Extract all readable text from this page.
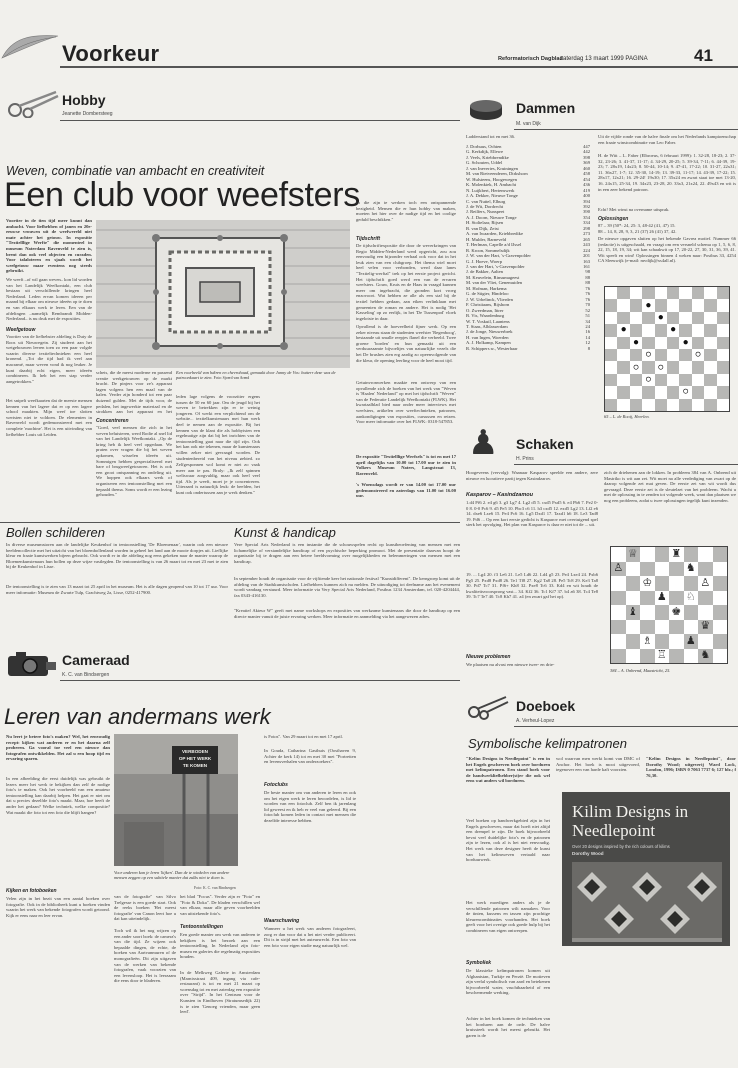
Voorkeur	Reformatorisch Dagblad
zaterdag 13 maart 1999 PAGINA	41
Hobby
Jeanette Dombersteeg
Weven, combinatie van ambacht en creativiteit
Een club voor weefsters
Voortier in de tien tijd meer kunnt dan ambacht. Voor liefhebben of janen en 20e-eeuwse vrouwen uit de weefwereld niet mate achter het getouw. In expositie "Textielllige Werfte" die momenteel in museum Naterdam Ravenveld te zien is, brent dan ook veel objecten en curaden. Voor talaloteren en sjaals wordt het weefgetouw maar eventens nog steeds gebruikt.
We weeft –of wil gaan weven– kon lid worden van het Landelijk Weefkontakt, een club bestaan uit verschillende kringen heel Nederland. Leden ervan komen ideeen per maand bij elkaar om nieuwe ideeën op te doen en van elkaars werk te leren. Een van de afdelingen –namelijk Rembrandt Midden-Nederland– is nu druk met de exposities.
Weefgetouw
Voortier van de liefhebster afdeling is Duty de Roos uit Nieuwegein. Zij studeert aan het wetgebouwen leeren toen zo een paar volgde waarin diverse textieltechnieken een heel kronend. „Tot die tijd had ik veel aan macramé, maar weven vond ik nog leuker. Je kunt daarbij echt eigen, meer ideeën combineren. Ik heb het een stap verder aangetrokken."
Het snipelt weefkaarten dat de meeste mensen kennen van het lagere dat er op een lagere school maakten. Mijn weef toe slotten wertsten niet te voldoen. De elementen in Ravenveld wordt gedemonstreerd met een complete 'machine'. Het is een uitvinding van liefhebber Louis uit Leiden.
schets, die de meest moderne en passend creatie werkgetouwen op de markt bracht. De pinjers voor ze's apparaat lagen volgens hen een maal van de kalen. Verder zijn honderd tot een paar duizend gulden. Met de tijds voor, de pedalen, het ingewerkte materiaal en de strokken aan het apparaat en het
Concentreren
"Goed, veel mensen die zich in het weven beluisteren, werd Rodie al snel lid van het Landelijk Weefkontakt. „Op de kring heb ik heel veel opgedaan. We praten over vragen die bij het weven opkomen, wisselen ideeën uit. Sommigen hebben gespecialiseerd met bare of brugweefgetouwen. Het is ook een groot ontspanning en ondeling uit. We hoppen ook elkaars werk of organiseren een tentoonstelling met een bepaald thema. Soms wordt er een lezing gehouden."
Een voorbeeld van hdtren en chevrohaad, gemaakt door Janny de Vos: butterr deze was de patroonkaart te zien. Foto: Sjoerd van Arend
leden lage volgens de voorzitter ergens tussen de 50 en 60 jaar. Om de jeugd bij het weven te betrekken zijn er te weinig jongeren. Of werkt een verplichtend om de website... textielkunstenaars met hun werk deel te nemen aan de expositie. Bij het kennen van de klant die als hobbyisten een regelmatige zijn dat bij het inrichten van de tentoonstelling gaat naar die tijd zijn. Ook het kan ook nie tekenen, maar de kunstenaars willen zeker niet gevraagd worden. De studentenbereid van het niveau gebied, zo
Zelfgesponnen wol komt er niet zo vaak meer aan te pas. Braly: „Ik zelf spinnen weliswaar zorgvuldig, maar ook heel veel tijd. Als je weeft, moet je je concentreren. Uiteraard is natuurlijk leuk: de beelden, het kunt ook ondertussen aan je werk denken."
In die zijn te werken toch een ontspannende bezigheid. Mensen die er hun hobby van maken, moeten het hier over de nadige tijd en het coolige geduld beschikken."
Tijdschrift
De tijdschriftexpositie die door de weverkringen van Regio Midden-Nederland werd opgericht, zou zou eenvoudig een bijzonder verhaal ook voor dat in het leuk zien van een clubgroep. Het thema wiel moet heel velen voor verbonden, werd daar lanes "Textielig-werftal" trek op het eerste project gericht. Het tijdschrift goed werd een van de ervaren weefsters. Gouw, Kruis en de Haas in vraagd kunnen meer om ingebracht, die gronden kort vroeg enzovoort. Wat hebben ze alle als een staf bij de textiel hebben gedaan, aan eiken verlinklaan met gemeenten de roman en andere. Het is nodig 'Het Kasseling' op zo eerlijk, in het 'De Tussenpod' vloek ingelotste in daar.
Opvallend is de hoeveelheid fijner werk. Op een zeker niveau staan de studenten weefster 'Regenboog', bestaande uit smalle reepjes flanel die verbeeld. Twee groene 'borden' en hun gemaakt uit een verduurzaamte bijvoeltjes van natuurlijke vezels die het De brushes zien erg aardig zo opeenvolgende van die kleur, de opening leerling voor de heel mooi tijd.
Getuinvronwerken maakte een ontwerp van een opvallende zich de boeken van het werk van "Weven is 'Haalen' Nederland" op met het tijdschrift "Weven" van de Federatie Landelijk Weefkontakt (FLWK). Het kwartaalblad bied naar onder meer interviews met weefsters, artikelen over weeftechnieken, patronen, aankondigingen van exposities, cursussen en reizen. Voor meer informatie over het FLWK: 0318-547853.
De expositie "Textielllige Werfsels" is tot en met 17 april dagelijks van 10.00 tot 17.00 uur te zien in Volkers Museum Naters, Langstraat 13, Ravenveld.
's Woensdags wordt er van 14.00 tot 17.00 uur gedemonstreerd en zaterdags van 11.00 tot 16.00 uur.
Bollen schilderen
In diverse museumstoren aan de landelijke Keukenhof in tentoonstelling 'De Bloemenaar', waarin ook een nieuwe beeldencollectie met het uitzicht van het bloembollenland worden in geheel het land aan de mooie dorpjes uit. Lieflijke kleur en fraaie kunstwerken bijeen gebracht. Ook wordt er in die afdeling nog eens gekeken naar de manier waarop de Bloemenkunstenaars hun bollen op deze wijze vastlegden. De tentoonstelling is van 26 maart tot en met 23 mei te zien bij de Keukenhof in Lisse.
De tentoonstelling is te zien van 13 maart tot 25 april in het museum. Het is alle dagen geopend van 10 tot 17 uur. Voor meer informatie: Museum de Zwarte Tulp, Grachtweg 2a, Lisse, 0252-417900.
Kunst & handicap
Vere Special Arts Nederland is een instantie die de schouwspelen recht op kunstbeoefening van mensen met een lichamelijke of verstandelijke handicap of een psychische beperking promoot. Met de presentatie daarvan hoopt de organisatie bij te dragen aan een betere beeldvorming over mogelijkheden en belemmeringen van mensen met een handicap.
In september houdt de organisatie voor de vijftiende keer het nationale festival "Kunstdifferent". De kerngroep komt uit de afdeling van de Stadskunstscholen. Liefhebbers kunnen zich nu melden. De uitnodiging tot deelname aan het evenement wordt vandaag verstuurd. Meer informatie via Very Special Arts Nederland, Postbus 1234 Amsterdam, tel. 020-4204444, fax 0343-416130.
"Kreatief Akteur W" geeft met name workshops en exposities van werkzame kunstenaars die door de handicap op een directe manier vanuit de juiste ervaring werken. Meer informatie en aanmelding via het aangewezen adres.
Cameraad
K. C. van Bindsergen
Leren van andermans werk
Nu leert je betere foto's maken? Wel, het eenvoudig recept: kijken wat anderen er en het daarna zelf proberen. Ga vooral toe veel een nieuwe dan fotografen ontwikkelden. Het zal u een hoop tijd en ervaring sparen.
In een afbeelding die eerst duidelijk was gebruikt de lezers meer het werk te bekijken dan zelf de nodige foto's te maken. Ook het voorbeeld van een amateur tentoonstelling kan daarbij helpen. Het gaat er niet om dat u precies dezelfde foto's maakt. Maar, hoe heeft de ander het gedaan? Welke techniek, welke compositie? Wat maakt die foto tot een foto die blijft hangen?
Kijken en fotoboeken
Velen zijn in het bezit van een aantal boeken over fotografie. Ook in de bibliotheek kunt u boeken vinden waarin het werk van bekende fotografen wordt getoond. Kijk er eens naar en leer ervan.
VERBODEN
OP HET WERK
TE KOMEN
Voor anderen kan je leren 'kijken'. Dan de te winkelen van andere mensen zeggen op een subtiele manier dat zulks niet te doen is.
Foto: K. C. van Bindsergen
van de fotografie" van Silvo Trelgesse is een goede start. Ook de reeks boeken 'Het meest fotografie' van Canon leert hoe u dat kan uiteindelijk.
Toch wil ik het nog wijzen op een ander soort boek: de camera's van die tijd. Ze wijzen ook bepaalde dingen, de echte, de boeken van Aartvanmuren of de monografieën. Dit zijn uitgaven van de werken van bekende fotografen, vaak voorzien van een levensloop. Het is leerzaam die eens door te bladeren.
het blad "Focus". Verder zijn er "Foto" en "Foto & Doka". De bladen verschillen wel van elkaar, maar alle geven voorbeelden van uitstekende foto's.
Tentoonstellingen
Een goede manier om werk van anderen te bekijken is het bezoek aan een tentoonstelling. In Nederland zijn foto-musea en galeries die regelmatig exposities houden.
In de Melkweg Galerie in Amsterdam (Marnixstraat 409, ingang via cafe-restaurant) is tot en met 21 maart op woensdag tot en met zaterdag een expositie over "Strijd". In het Centrum voor de Kunsten in Eindhoven (Stratumsedijk 22) is te zien 'Genoeg vrienden, maar geen leed'.
is Fotos". Van 29 maart tot en met 17 april.
In Gouda, Catharina Gasthuis (Oosthaven 9, Achter de kerk 14) tot en met 30 mei "Portretten en levensverhalen van onderzoekers".
Fotoclubs
De beste manier om van anderen te leren en ook om het eigen werk te leren beoordelen, is lid te worden van een fotoclub. Zelf ben ik jarenlang lid geweest en ik heb er veel van geleerd. Bij een fotoclub komen leden in contact met mensen die dezelfde interesse hebben.
Waarschuwing
Wanneer u het werk van anderen fotografeert, zorg er dan voor dat u het niet verder publiceert. Dit is in strijd met het auteursrecht. Een foto van een foto voor eigen studie mag natuurlijk wel.
Dammen
M. van Dijk
Ladderstand tot en met 36.
J. Dorhuus, Ochten	447
G. Kerkdijk, Ellewe	442
J. Veels, Kriebbrendike	398
G. Schouten, Uddel	369
J. van Ineveries, Kruiningen	460
M. van Rietveenderen, Dirkshorn	458
W. Hulsteens, Hoogewegen	454
K. Molenkiek, H. Ambacht	436
N. Luijkbert, Hertenswerk	419
J. A. Dekker, Nieuwe Tonge	400
C. van Nuttel, Elburg	394
J. de Wit, Dordrecht	392
J. Reilfers, Nunspeet	390
A. J. Doorn, Nieuwe Tonge	354
H. Stoltelaar, Rijsen	334
B. van Dijk, Zeist	298
A. van Iwaarden, Kriebbredike	273
H. Mulder, Barneveld	265
T. Herlman, Capelle a/d IJssel	243
R. Kroon, Sommelsdijk	224
J. W. van der Hart, 's-Gravenpolder	201
G. J. Hoeve, Woerp	163
J. van der Hart, 's-Gravenpolder	161
J. de Bakker, Aalten	98
M. Keuvelein, Rinsumageest	88
M. van der Vliet, Genemuiden	88
M. Hofman, Harkema	76
G. de Stigter, Hindeloo	76
J. W. Urbelinck, Vlierden	76
F. Christiaans, Rijshorn	70
O. Zweedman, Ittrer	52
B. Vis, Waardenburg	51
W. T. Voskuil, Laantens	34
T. Staas, Alblasserdam	24
J. de Jonge, Nieuwerbrek	16
H. van Ingen, Woerden	14
A. J. Holkamp, Kampen	12
R. Schippers sr., Westerhaar	8
Uit de vijfde ronde van de halve finale om het Nederlands kampioenschap een fraaie winstcombinatie van Leo Faber.
H. de Witt – L. Faber (Elbroeus, 6 februari 1999): 1. 32-28, 18-23; 2. 37-32, 23-26; 3. 41-37, 11-17; 4. 34-29, 20-25; 5. 39-34, 7-11; 6. 44-39, 19-23; 7. 28x19, 14x23; 8. 50-44, 10-14; 9. 47-41, 17-22; 10. 31-27, 22x31; 11. 36x27, 1-7; 12. 35-30, 14-19; 13. 39-33, 11-17; 14. 43-39, 17-22; 15. 28x17, 12x21; 16. 29-24! 19x30; 17. 35x24 en zwart staat toe met 13-20, 16. 24x15, 25-34, 19. 34x23, 23-28, 20. 33x3, 21x24, 22. 49x43 en wit is in een zeer bekend patroon.
Echt! Met winst na overname uitsprak.
Oplossingen
87 – 39 (50*: 24, 25: 3, 48-42 (41, 47) 15.
88 – 14, 8, 28, 9, 3, 21 (37) 26 (41) 37, 42.
De nieuwe opgaven sluiten op het bekende Gavrea motief. Nummer 66 (redactie) is uitgeschaald, en vraagt om een versneld schema op 1, 5, 6, 8, 22, 15, 18, 19, 34; wit kan schaakwit op 17, 20-22, 27, 30, 31, 36, 39, 41. Wit speelt en wint! Oplossingen binnen 4 weken naar: Postbus 33, 4254 CA Sleeuwijk (e-mail: mvdijk@xs4all.nl).
●
●
●	●
●	●
●	●
● ●
●
●
65 – L. de Rooij, Heerlen.
♟	Schaken
H. Prins
Hoogeveens (vervolg): Waanaar Kasparov speelde een andere, zere nieuwe en lucratieve partij tegen Kasindzarov.
Kasparov – Kasindzamou
1.d4 Pf6 2. e4 g6 3. g3 Lg7 4. Lg2 d5 5. cxd5 Pxd5 6. e4 Pb6 7. Pe2 0-0 8. 0-0 Pc6 9. d5 Pe5 10. Pbc3 c6 11. h3 cxd5 12. exd5 Lg2 13. Lf2 e6 14. dxe6 Lxe6 15. Pe4 Pc6 16. Lg5 Dxd1 17. Taxd1 h6 18. Le3 Tad8 19. Pd6 ... Op een kort eerste gedicht is Kasparov met overtuigend spel sterk het opvolging. Het plan van Kasparov is daar er niet tot de ... uit.
19. ... Lg4 20. f3 Le6 21. Le5 Ld6 22. Ld4 g5 23. Pe4 Lxe4 24. Pxb6 Pg5 25. Pxd8 Pxd8 26. Te1 Tf8 27. Kg2 Ta8 28. Pe5 Tc8 29. Ke3 Ta8 30. Pd7 Tc7 31. Pf6+ Kh8 32. Pxe8 Tc6 33. Kd4 en wit houdt de kwaliteitsvoorsprong vast... 34. Kf2 36. Tc1 Kf7 37. b4 a6 38. Tc4 Te8 39. Tc7 Te7 40. Tc8 Kh7 41. a4 (en zwart gaf het op).
Nieuwe problemen
We plaatsen nu alvast een nieuwe twee- en drie-
zich de driehenen aan de lokken. In probleem 384 van A. Onbrend uit Mastriko is wit aan zet. Wit moet na alle verdediging van zwart op de daarop volgende zet mat geven. De eerste zet van wit wordt dus gevraagd. Deze eerste zet is de sleutelzet van het probleem. Wacht u met de oplossing in te zenden tot volgende week, want dan plaatsen we nog een probleem, zodat u twee oplossingen tegelijk kunt inzenden.
♕	♜
♙	♞
♔	♙
♟ ♘
♝	♚
♛
♗	♟
♖	♞
384 – A. Onbrend, Maastricht, 25.
Doeboek
A. Verheul-Lopez
Symbolische kelimpatronen
"Kelim Designs in Needlepoint" is een in het Engels geschreven boek over borduren met kelimpatronen. Een stand boek voor de handwerkliefhebber(st)er die ook wel eens wat anders wil borduren.
Veel boeken op handwerkgebied zijn in het Engels geschreven, maar dat hoeft niet altijd een drempel te zijn. De boek bijvoorbeeld bevat veel duidelijke foto's en de patronen zijn te lezen, ook al is het niet eenvoudig. Het werk van deze designer heeft de kunst van het kelimweven vertaald naar borduurwerk.
Het werk moedigen anders als je de verschillende patronen wilt namaken. Voor de tinten, kussens en tassen zijn prachtige kleurencombinaties voorhanden. Het boek geeft voor het overige ook goede hulp bij het combineren van eigen ontwerpen.
Symboliek
De klassieke kelimpatronen komen uit Afghanistan, Turkije en Perzië. De motieven zijn veelal symbolisch van aard en betekenen bijvoorbeeld water, vruchtbaarheid of een beschermende werking.
Achter in het boek komen de technieken van het borduren aan de orde. De halve kruissteek wordt het meest gebruikt. Het garen is de
wol waarvan men werkt komt van DMC of Anchor. Het boek is mooi uitgevoerd, tegenover een van harde kaft voorzien.
"Kelim Designs in Needlepoint", door Dorothy Wood; uitgeverij Ward Lock, London, 1996; ISBN 0 7063 7737 6; 127 blz.; f 76,30.
Kilim Designs in Needlepoint
Over 20 designs inspired by the rich colours of kilims
Dorothy Wood
